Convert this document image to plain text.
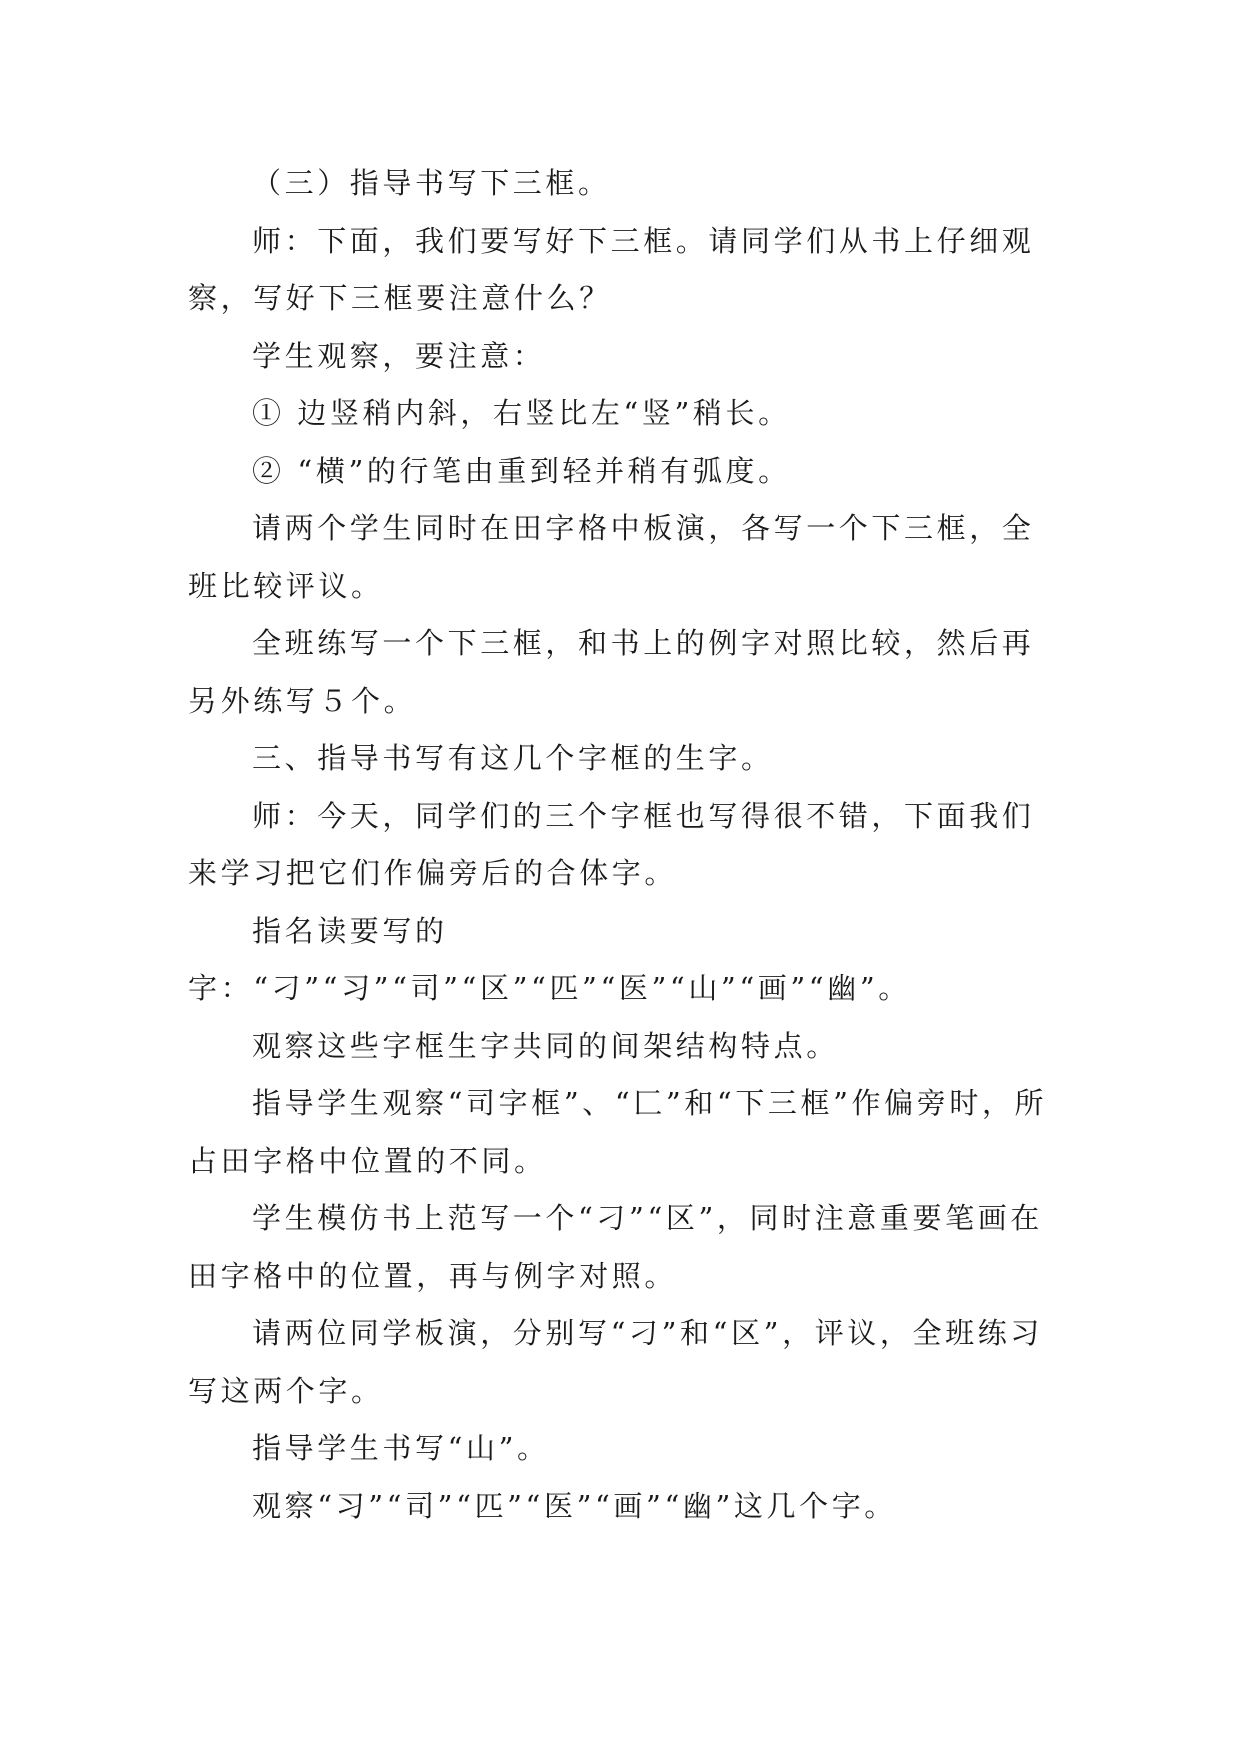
（三）指导书写下三框。

师：下面，我们要写好下三框。请同学们从书上仔细观察，写好下三框要注意什么？

学生观察，要注意：

① 边竖稍内斜，右竖比左“竖”稍长。

② “横”的行笔由重到轻并稍有弧度。

请两个学生同时在田字格中板演，各写一个下三框，全班比较评议。

全班练写一个下三框，和书上的例字对照比较，然后再另外练写５个。

三、指导书写有这几个字框的生字。

师：今天，同学们的三个字框也写得很不错，下面我们来学习把它们作偏旁后的合体字。

指名读要写的字：“刁”“习”“司”“区”“匹”“医”“山”“画”“幽”。

观察这些字框生字共同的间架结构特点。

指导学生观察“司字框”、“匚”和“下三框”作偏旁时，所占田字格中位置的不同。

学生模仿书上范写一个“刁”“区”，同时注意重要笔画在田字格中的位置，再与例字对照。

请两位同学板演，分别写“刁”和“区”，评议，全班练习写这两个字。

指导学生书写“山”。

观察“习”“司”“匹”“医”“画”“幽”这几个字。
